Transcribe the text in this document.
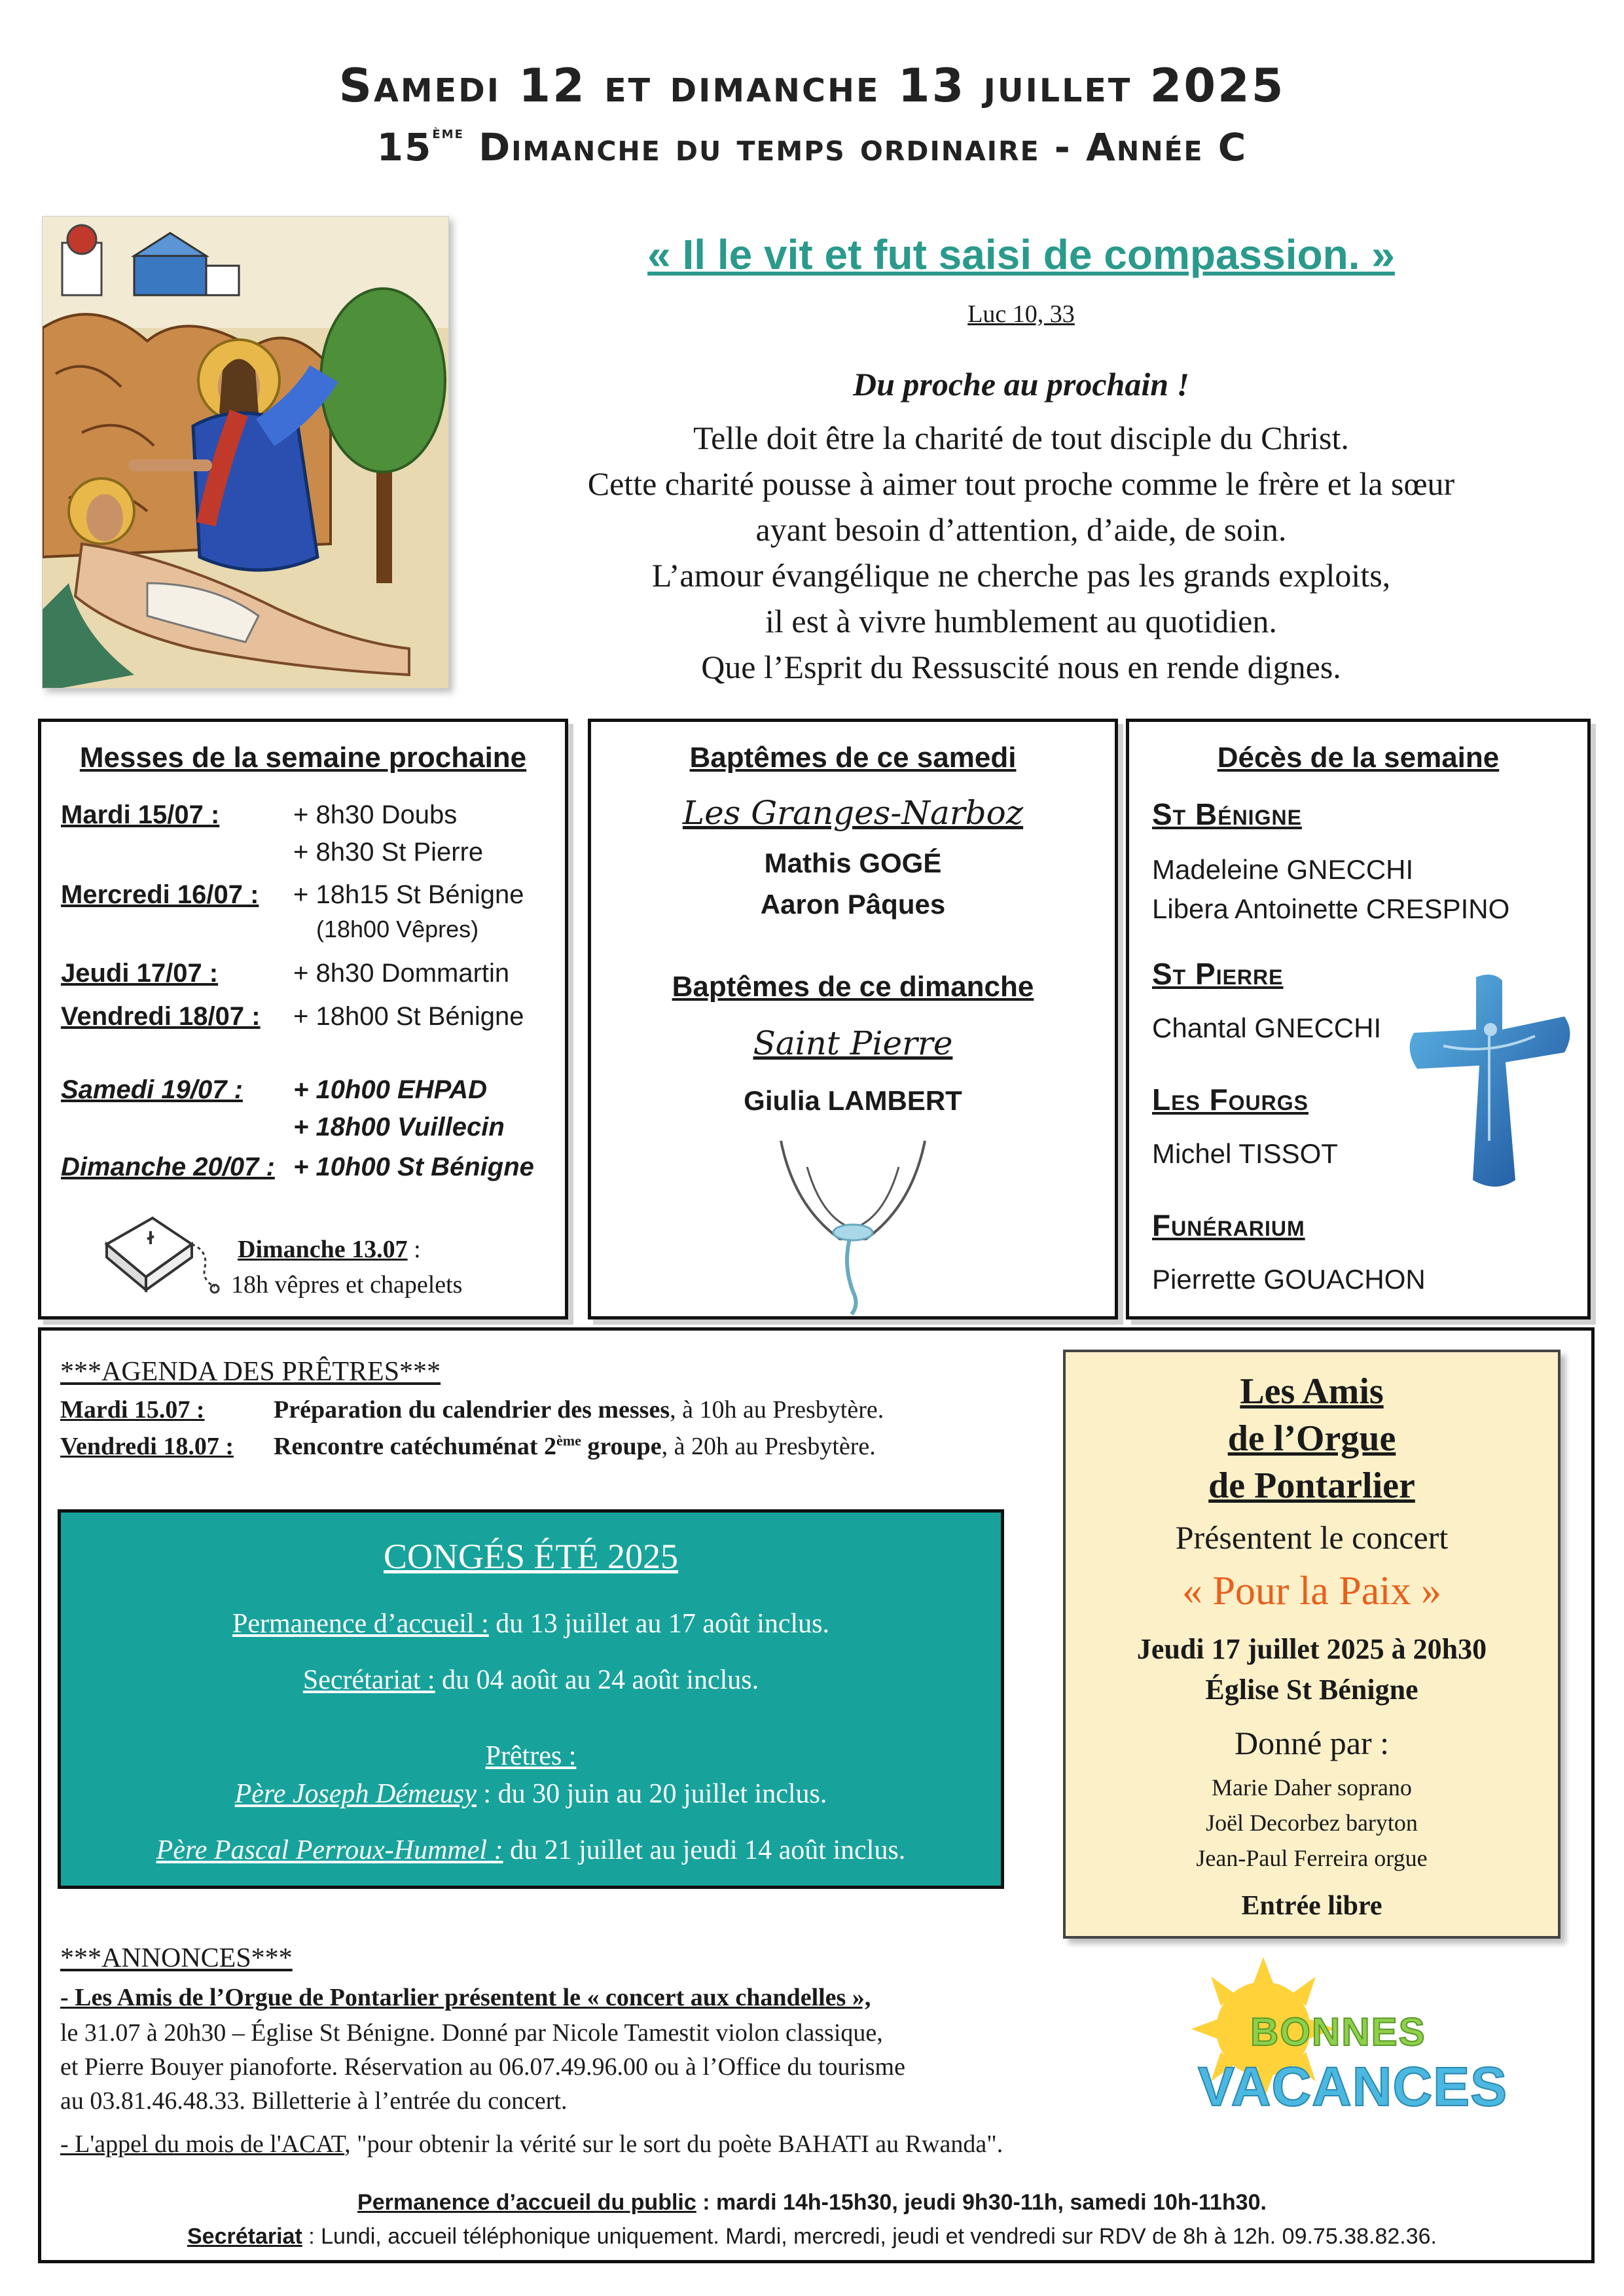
Samedi 12 et dimanche 13 juillet 2025
15ème Dimanche du temps ordinaire - Année C
« Il le vit et fut saisi de compassion. »
Luc 10, 33
Du proche au prochain !
Telle doit être la charité de tout disciple du Christ.
Cette charité pousse à aimer tout proche comme le frère et la sœur
ayant besoin d’attention, d’aide, de soin.
L’amour évangélique ne cherche pas les grands exploits,
il est à vivre humblement au quotidien.
Que l’Esprit du Ressuscité nous en rende dignes.
Messes de la semaine prochaine
Mardi 15/07 :	+ 8h30 Doubs
+ 8h30 St Pierre
Mercredi 16/07 : + 18h15 St Bénigne
(18h00 Vêpres)
Jeudi 17/07 :	+ 8h30 Dommartin
Vendredi 18/07 : + 18h00 St Bénigne
Samedi 19/07 : + 10h00 EHPAD
+ 18h00 Vuillecin
Dimanche 20/07 : + 10h00 St Bénigne
Dimanche 13.07 :
18h vêpres et chapelets
Baptêmes de ce samedi
Les Granges-Narboz
Mathis GOGÉ
Aaron Pâques
Baptêmes de ce dimanche
Saint Pierre
Giulia LAMBERT
Décès de la semaine
St Bénigne
Madeleine GNECCHI
Libera Antoinette CRESPINO
St Pierre
Chantal GNECCHI
Les Fourgs
Michel TISSOT
Funérarium
Pierrette GOUACHON
***AGENDA DES PRÊTRES***
Mardi 15.07 :	Préparation du calendrier des messes, à 10h au Presbytère.
Vendredi 18.07 : Rencontre catéchuménat 2ème groupe, à 20h au Presbytère.
CONGÉS ÉTÉ 2025
Permanence d’accueil : du 13 juillet au 17 août inclus.
Secrétariat : du 04 août au 24 août inclus.
Prêtres :
Père Joseph Démeusy : du 30 juin au 20 juillet inclus.
Père Pascal Perroux-Hummel : du 21 juillet au jeudi 14 août inclus.
Les Amis
de l’Orgue
de Pontarlier
Présentent le concert
« Pour la Paix »
Jeudi 17 juillet 2025 à 20h30
Église St Bénigne
Donné par :
Marie Daher soprano
Joël Decorbez baryton
Jean-Paul Ferreira orgue
Entrée libre
***ANNONCES***
- Les Amis de l’Orgue de Pontarlier présentent le « concert aux chandelles »,
le 31.07 à 20h30 – Église St Bénigne. Donné par Nicole Tamestit violon classique,
et Pierre Bouyer pianoforte. Réservation au 06.07.49.96.00 ou à l’Office du tourisme
au 03.81.46.48.33. Billetterie à l’entrée du concert.
- L'appel du mois de l'ACAT, "pour obtenir la vérité sur le sort du poète BAHATI au Rwanda".
BONNES
VACANCES
Permanence d’accueil du public : mardi 14h-15h30, jeudi 9h30-11h, samedi 10h-11h30.
Secrétariat : Lundi, accueil téléphonique uniquement. Mardi, mercredi, jeudi et vendredi sur RDV de 8h à 12h. 09.75.38.82.36.
